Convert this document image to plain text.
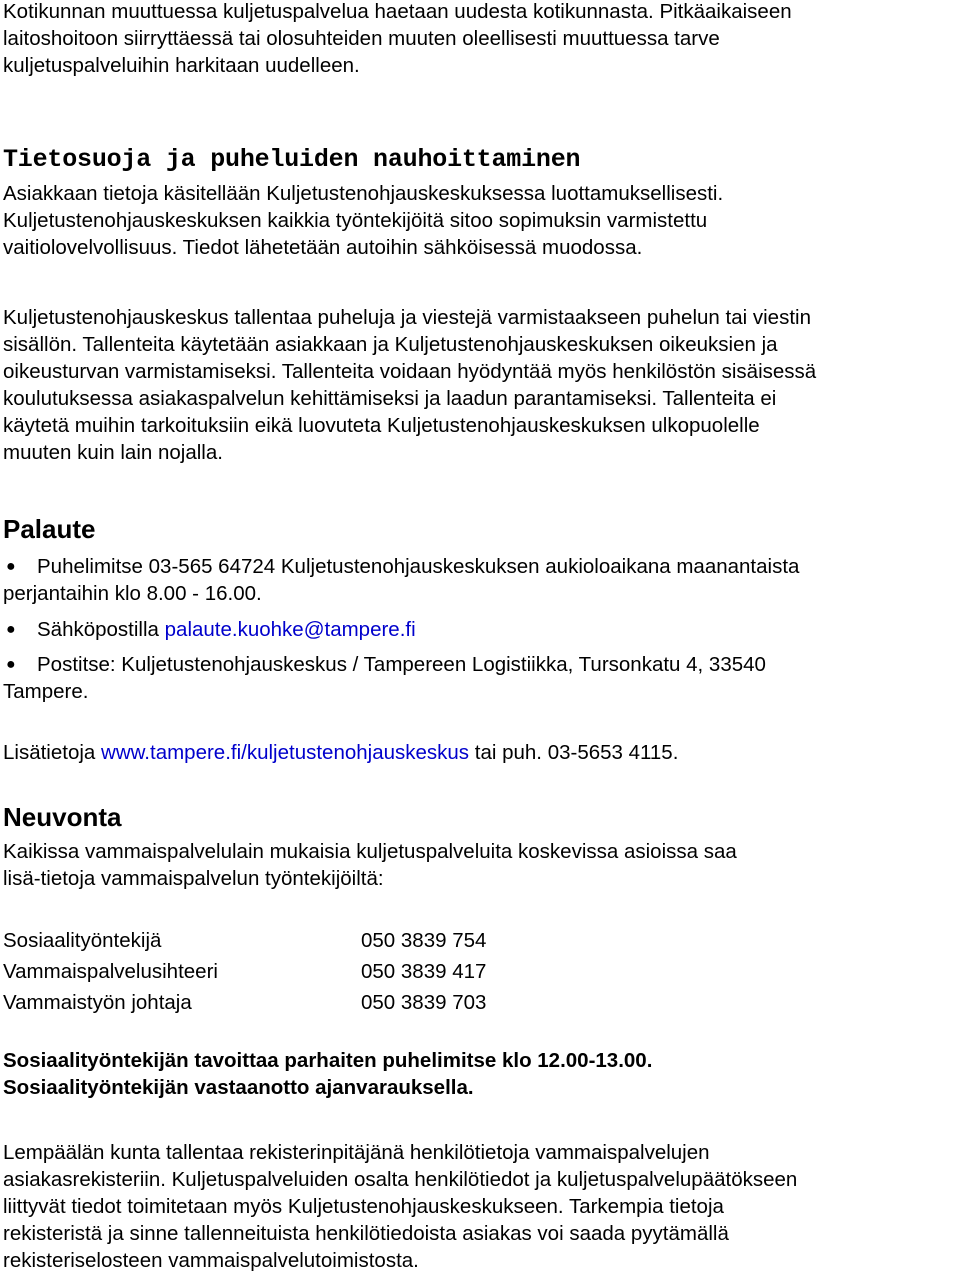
Kotikunnan muuttuessa kuljetuspalvelua haetaan uudesta kotikunnasta. Pitkäaikaiseen

laitoshoitoon siirryttäessä tai olosuhteiden muuten oleellisesti muuttuessa tarve

kuljetuspalveluihin harkitaan uudelleen.

Tietosuoja ja puheluiden nauhoittaminen

Asiakkaan tietoja käsitellään Kuljetustenohjauskeskuksessa luottamuksellisesti.

Kuljetustenohjauskeskuksen kaikkia työntekijöitä sitoo sopimuksin varmistettu

vaitiolovelvollisuus. Tiedot lähetetään autoihin sähköisessä muodossa.

Kuljetustenohjauskeskus tallentaa puheluja ja viestejä varmistaakseen puhelun tai viestin

sisällön. Tallenteita käytetään asiakkaan ja Kuljetustenohjauskeskuksen oikeuksien ja

oikeusturvan varmistamiseksi. Tallenteita voidaan hyödyntää myös henkilöstön sisäisessä

koulutuksessa asiakaspalvelun kehittämiseksi ja laadun parantamiseksi. Tallenteita ei

käytetä muihin tarkoituksiin eikä luovuteta Kuljetustenohjauskeskuksen ulkopuolelle

muuten kuin lain nojalla.

Palaute
● Puhelimitse 03-565 64724 Kuljetustenohjauskeskuksen aukioloaikana maanantaista
perjantaihin klo 8.00 - 16.00.
● Sähköpostilla palaute.kuohke@tampere.fi
● Postitse: Kuljetustenohjauskeskus / Tampereen Logistiikka, Tursonkatu 4, 33540
Tampere.

Lisätietoja www.tampere.fi/kuljetustenohjauskeskus tai puh. 03-5653 4115.

Neuvonta

Kaikissa vammaispalvelulain mukaisia kuljetuspalveluita koskevissa asioissa saa

lisä-tietoja vammaispalvelun työntekijöiltä:

Sosiaalityöntekijä	050 3839 754
Vammaispalvelusihteeri	050 3839 417
Vammaistyön johtaja	050 3839 703

Sosiaalityöntekijän tavoittaa parhaiten puhelimitse klo 12.00-13.00.

Sosiaalityöntekijän vastaanotto ajanvarauksella.

Lempäälän kunta tallentaa rekisterinpitäjänä henkilötietoja vammaispalvelujen

asiakasrekisteriin. Kuljetuspalveluiden osalta henkilötiedot ja kuljetuspalvelupäätökseen

liittyvät tiedot toimitetaan myös Kuljetustenohjauskeskukseen. Tarkempia tietoja

rekisteristä ja sinne tallenneituista henkilötiedoista asiakas voi saada pyytämällä

rekisteriselosteen vammaispalvelutoimistosta.
